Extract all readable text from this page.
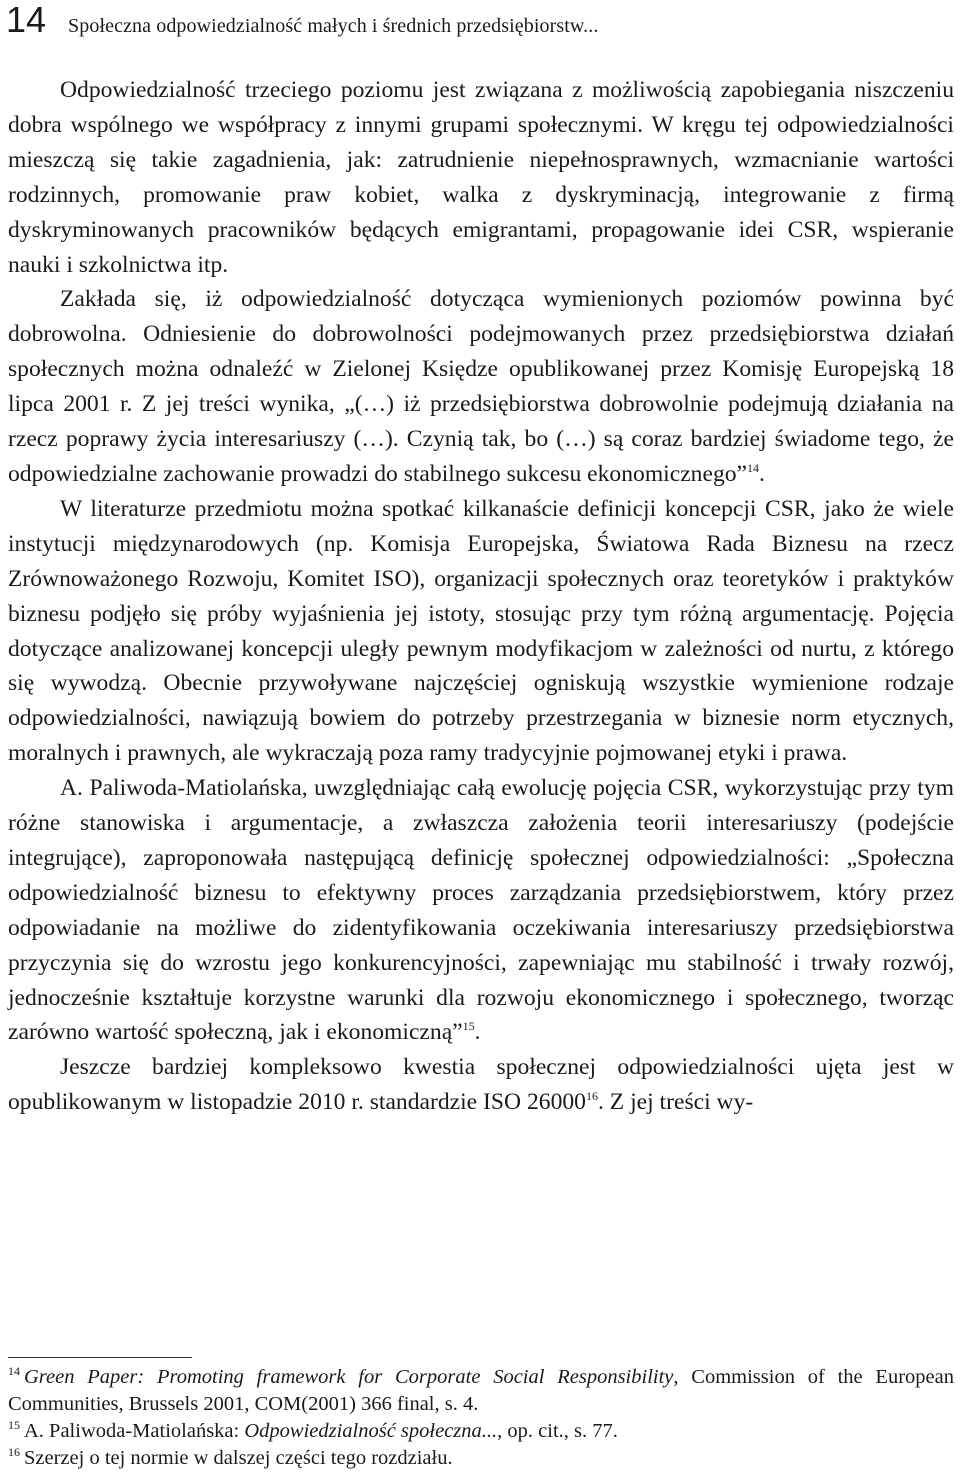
14 Społeczna odpowiedzialność małych i średnich przedsiębiorstw...

Odpowiedzialność trzeciego poziomu jest związana z możliwością zapobiegania niszczeniu dobra wspólnego we współpracy z innymi grupami społecznymi. W kręgu tej odpowiedzialności mieszczą się takie zagadnienia, jak: zatrudnienie niepełnosprawnych, wzmacnianie wartości rodzinnych, promowanie praw kobiet, walka z dyskryminacją, integrowanie z firmą dyskryminowanych pracowników będących emigrantami, propagowanie idei CSR, wspieranie nauki i szkolnictwa itp.

Zakłada się, iż odpowiedzialność dotycząca wymienionych poziomów powinna być dobrowolna. Odniesienie do dobrowolności podejmowanych przez przedsiębiorstwa działań społecznych można odnaleźć w Zielonej Księdze opublikowanej przez Komisję Europejską 18 lipca 2001 r. Z jej treści wynika, „(…) iż przedsiębiorstwa dobrowolnie podejmują działania na rzecz poprawy życia interesariuszy (…). Czynią tak, bo (…) są coraz bardziej świadome tego, że odpowiedzialne zachowanie prowadzi do stabilnego sukcesu ekonomicznego”$^{14}$.

W literaturze przedmiotu można spotkać kilkanaście definicji koncepcji CSR, jako że wiele instytucji międzynarodowych (np. Komisja Europejska, Światowa Rada Biznesu na rzecz Zrównoważonego Rozwoju, Komitet ISO), organizacji społecznych oraz teoretyków i praktyków biznesu podjęło się próby wyjaśnienia jej istoty, stosując przy tym różną argumentację. Pojęcia dotyczące analizowanej koncepcji uległy pewnym modyfikacjom w zależności od nurtu, z którego się wywodzą. Obecnie przywoływane najczęściej ogniskują wszystkie wymienione rodzaje odpowiedzialności, nawiązują bowiem do potrzeby przestrzegania w biznesie norm etycznych, moralnych i prawnych, ale wykraczają poza ramy tradycyjnie pojmowanej etyki i prawa.

A. Paliwoda-Matiolańska, uwzględniając całą ewolucję pojęcia CSR, wykorzystując przy tym różne stanowiska i argumentacje, a zwłaszcza założenia teorii interesariuszy (podejście integrujące), zaproponowała następującą definicję społecznej odpowiedzialności: „Społeczna odpowiedzialność biznesu to efektywny proces zarządzania przedsiębiorstwem, który przez odpowiadanie na możliwe do zidentyfikowania oczekiwania interesariuszy przedsiębiorstwa przyczynia się do wzrostu jego konkurencyjności, zapewniając mu stabilność i trwały rozwój, jednocześnie kształtuje korzystne warunki dla rozwoju ekonomicznego i społecznego, tworząc zarówno wartość społeczną, jak i ekonomiczną”$^{15}$.

Jeszcze bardziej kompleksowo kwestia społecznej odpowiedzialności ujęta jest w opublikowanym w listopadzie 2010 r. standardzie ISO 26000$^{16}$. Z jej treści wy-

$^{14}$ Green Paper: Promoting framework for Corporate Social Responsibility, Commission of the European Communities, Brussels 2001, COM(2001) 366 final, s. 4.

$^{15}$ A. Paliwoda-Matiolańska: Odpowiedzialność społeczna..., op. cit., s. 77.

$^{16}$ Szerzej o tej normie w dalszej części tego rozdziału.
